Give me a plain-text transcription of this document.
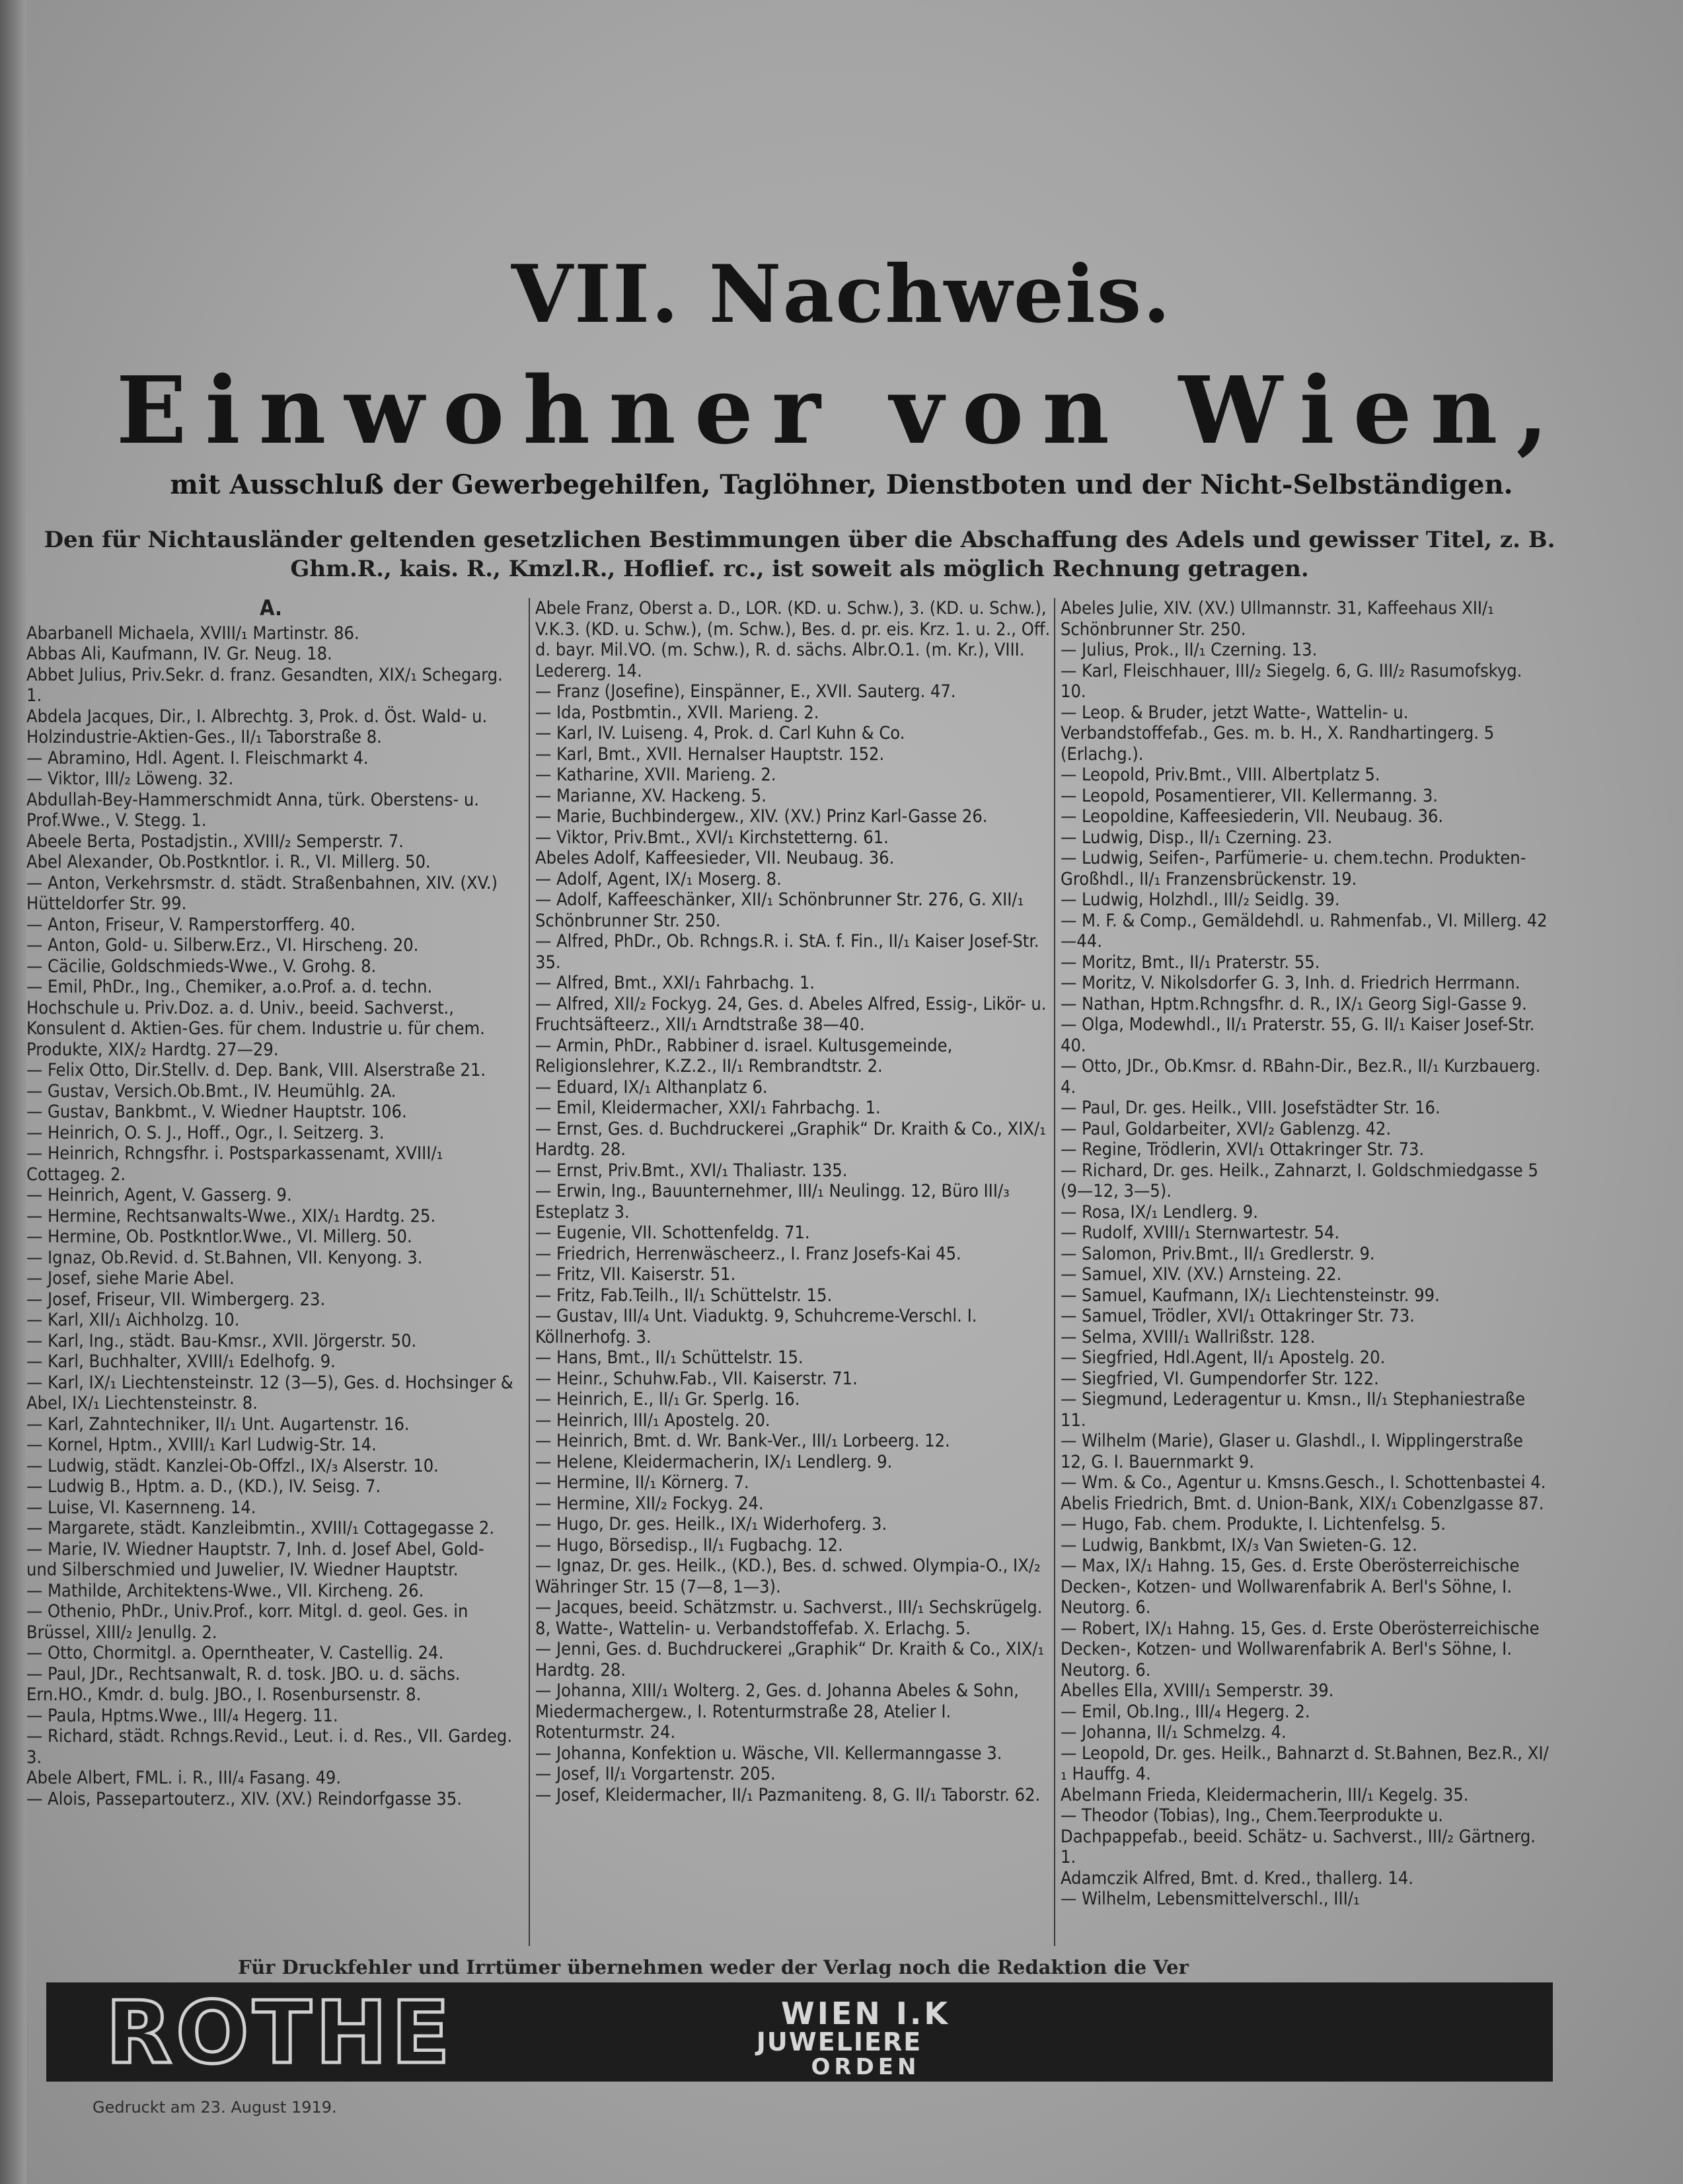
VII. Nachweis.
Einwohner von Wien,
mit Ausschluß der Gewerbegehilfen, Taglöhner, Dienstboten und der Nicht-Selbständigen.
Den für Nichtausländer geltenden gesetzlichen Bestimmungen über die Abschaffung des Adels und gewisser Titel, z. B. Ghm.R., kais. R., Kmzl.R., Hoflief. rc., ist soweit als möglich Rechnung getragen.
A.
Abarbanell Michaela, XVIII/₁ Martinstr. 86.
Abbas Ali, Kaufmann, IV. Gr. Neug. 18.
Abbet Julius, Priv.Sekr. d. franz. Gesandten, XIX/₁ Schegarg. 1.
Abdela Jacques, Dir., I. Albrechtg. 3, Prok. d. Öst. Wald- u. Holzindustrie-Aktien-Ges., II/₁ Taborstraße 8.
— Abramino, Hdl. Agent. I. Fleischmarkt 4.
— Viktor, III/₂ Löweng. 32.
Abdullah-Bey-Hammerschmidt Anna, türk. Oberstens- u. Prof.Wwe., V. Stegg. 1.
Abeele Berta, Postadjstin., XVIII/₂ Semperstr. 7.
Abel Alexander, Ob.Postkntlor. i. R., VI. Millerg. 50.
— Anton, Verkehrsmstr. d. städt. Straßenbahnen, XIV. (XV.) Hütteldorfer Str. 99.
— Anton, Friseur, V. Ramperstorfferg. 40.
— Anton, Gold- u. Silberw.Erz., VI. Hirscheng. 20.
— Cäcilie, Goldschmieds-Wwe., V. Grohg. 8.
— Emil, PhDr., Ing., Chemiker, a.o.Prof. a. d. techn. Hochschule u. Priv.Doz. a. d. Univ., beeid. Sachverst., Konsulent d. Aktien-Ges. für chem. Industrie u. für chem. Produkte, XIX/₂ Hardtg. 27—29.
— Felix Otto, Dir.Stellv. d. Dep. Bank, VIII. Alserstraße 21.
— Gustav, Versich.Ob.Bmt., IV. Heumühlg. 2A.
— Gustav, Bankbmt., V. Wiedner Hauptstr. 106.
— Heinrich, O. S. J., Hoff., Ogr., I. Seitzerg. 3.
— Heinrich, Rchngsfhr. i. Postsparkassenamt, XVIII/₁ Cottageg. 2.
— Heinrich, Agent, V. Gasserg. 9.
— Hermine, Rechtsanwalts-Wwe., XIX/₁ Hardtg. 25.
— Hermine, Ob. Postkntlor.Wwe., VI. Millerg. 50.
— Ignaz, Ob.Revid. d. St.Bahnen, VII. Kenyong. 3.
— Josef, siehe Marie Abel.
— Josef, Friseur, VII. Wimbergerg. 23.
— Karl, XII/₁ Aichholzg. 10.
— Karl, Ing., städt. Bau-Kmsr., XVII. Jörgerstr. 50.
— Karl, Buchhalter, XVIII/₁ Edelhofg. 9.
— Karl, IX/₁ Liechtensteinstr. 12 (3—5), Ges. d. Hochsinger & Abel, IX/₁ Liechtensteinstr. 8.
— Karl, Zahntechniker, II/₁ Unt. Augartenstr. 16.
— Kornel, Hptm., XVIII/₁ Karl Ludwig-Str. 14.
— Ludwig, städt. Kanzlei-Ob-Offzl., IX/₃ Alserstr. 10.
— Ludwig B., Hptm. a. D., (KD.), IV. Seisg. 7.
— Luise, VI. Kasernneng. 14.
— Margarete, städt. Kanzleibmtin., XVIII/₁ Cottagegasse 2.
— Marie, IV. Wiedner Hauptstr. 7, Inh. d. Josef Abel, Gold- und Silberschmied und Juwelier, IV. Wiedner Hauptstr.
— Mathilde, Architektens-Wwe., VII. Kircheng. 26.
— Othenio, PhDr., Univ.Prof., korr. Mitgl. d. geol. Ges. in Brüssel, XIII/₂ Jenullg. 2.
— Otto, Chormitgl. a. Operntheater, V. Castellig. 24.
— Paul, JDr., Rechtsanwalt, R. d. tosk. JBO. u. d. sächs. Ern.HO., Kmdr. d. bulg. JBO., I. Rosenbursenstr. 8.
— Paula, Hptms.Wwe., III/₄ Hegerg. 11.
— Richard, städt. Rchngs.Revid., Leut. i. d. Res., VII. Gardeg. 3.
Abele Albert, FML. i. R., III/₄ Fasang. 49.
— Alois, Passepartouterz., XIV. (XV.) Reindorfgasse 35.
Abele Franz, Oberst a. D., LOR. (KD. u. Schw.), 3. (KD. u. Schw.), V.K.3. (KD. u. Schw.), (m. Schw.), Bes. d. pr. eis. Krz. 1. u. 2., Off. d. bayr. Mil.VO. (m. Schw.), R. d. sächs. Albr.O.1. (m. Kr.), VIII. Ledererg. 14.
— Franz (Josefine), Einspänner, E., XVII. Sauterg. 47.
— Ida, Postbmtin., XVII. Marieng. 2.
— Karl, IV. Luiseng. 4, Prok. d. Carl Kuhn & Co.
— Karl, Bmt., XVII. Hernalser Hauptstr. 152.
— Katharine, XVII. Marieng. 2.
— Marianne, XV. Hackeng. 5.
— Marie, Buchbindergew., XIV. (XV.) Prinz Karl-Gasse 26.
— Viktor, Priv.Bmt., XVI/₁ Kirchstetterng. 61.
Abeles Adolf, Kaffeesieder, VII. Neubaug. 36.
— Adolf, Agent, IX/₁ Moserg. 8.
— Adolf, Kaffeeschänker, XII/₁ Schönbrunner Str. 276, G. XII/₁ Schönbrunner Str. 250.
— Alfred, PhDr., Ob. Rchngs.R. i. StA. f. Fin., II/₁ Kaiser Josef-Str. 35.
— Alfred, Bmt., XXI/₁ Fahrbachg. 1.
— Alfred, XII/₂ Fockyg. 24, Ges. d. Abeles Alfred, Essig-, Likör- u. Fruchtsäfteerz., XII/₁ Arndtstraße 38—40.
— Armin, PhDr., Rabbiner d. israel. Kultusgemeinde, Religionslehrer, K.Z.2., II/₁ Rembrandtstr. 2.
— Eduard, IX/₁ Althanplatz 6.
— Emil, Kleidermacher, XXI/₁ Fahrbachg. 1.
— Ernst, Ges. d. Buchdruckerei „Graphik“ Dr. Kraith & Co., XIX/₁ Hardtg. 28.
— Ernst, Priv.Bmt., XVI/₁ Thaliastr. 135.
— Erwin, Ing., Bauunternehmer, III/₁ Neulingg. 12, Büro III/₃ Esteplatz 3.
— Eugenie, VII. Schottenfeldg. 71.
— Friedrich, Herrenwäscheerz., I. Franz Josefs-Kai 45.
— Fritz, VII. Kaiserstr. 51.
— Fritz, Fab.Teilh., II/₁ Schüttelstr. 15.
— Gustav, III/₄ Unt. Viaduktg. 9, Schuhcreme-Verschl. I. Köllnerhofg. 3.
— Hans, Bmt., II/₁ Schüttelstr. 15.
— Heinr., Schuhw.Fab., VII. Kaiserstr. 71.
— Heinrich, E., II/₁ Gr. Sperlg. 16.
— Heinrich, III/₁ Apostelg. 20.
— Heinrich, Bmt. d. Wr. Bank-Ver., III/₁ Lorbeerg. 12.
— Helene, Kleidermacherin, IX/₁ Lendlerg. 9.
— Hermine, II/₁ Körnerg. 7.
— Hermine, XII/₂ Fockyg. 24.
— Hugo, Dr. ges. Heilk., IX/₁ Widerhoferg. 3.
— Hugo, Börsedisp., II/₁ Fugbachg. 12.
— Ignaz, Dr. ges. Heilk., (KD.), Bes. d. schwed. Olympia-O., IX/₂ Währinger Str. 15 (7—8, 1—3).
— Jacques, beeid. Schätzmstr. u. Sachverst., III/₁ Sechskrügelg. 8, Watte-, Wattelin- u. Verbandstoffefab. X. Erlachg. 5.
— Jenni, Ges. d. Buchdruckerei „Graphik“ Dr. Kraith & Co., XIX/₁ Hardtg. 28.
— Johanna, XIII/₁ Wolterg. 2, Ges. d. Johanna Abeles & Sohn, Miedermachergew., I. Rotenturmstraße 28, Atelier I. Rotenturmstr. 24.
— Johanna, Konfektion u. Wäsche, VII. Kellermanngasse 3.
— Josef, II/₁ Vorgartenstr. 205.
— Josef, Kleidermacher, II/₁ Pazmaniteng. 8, G. II/₁ Taborstr. 62.
Abeles Julie, XIV. (XV.) Ullmannstr. 31, Kaffeehaus XII/₁ Schönbrunner Str. 250.
— Julius, Prok., II/₁ Czerning. 13.
— Karl, Fleischhauer, III/₂ Siegelg. 6, G. III/₂ Rasumofskyg. 10.
— Leop. & Bruder, jetzt Watte-, Wattelin- u. Verbandstoffefab., Ges. m. b. H., X. Randhartingerg. 5 (Erlachg.).
— Leopold, Priv.Bmt., VIII. Albertplatz 5.
— Leopold, Posamentierer, VII. Kellermanng. 3.
— Leopoldine, Kaffeesiederin, VII. Neubaug. 36.
— Ludwig, Disp., II/₁ Czerning. 23.
— Ludwig, Seifen-, Parfümerie- u. chem.techn. Produkten-Großhdl., II/₁ Franzensbrückenstr. 19.
— Ludwig, Holzhdl., III/₂ Seidlg. 39.
— M. F. & Comp., Gemäldehdl. u. Rahmenfab., VI. Millerg. 42—44.
— Moritz, Bmt., II/₁ Praterstr. 55.
— Moritz, V. Nikolsdorfer G. 3, Inh. d. Friedrich Herrmann.
— Nathan, Hptm.Rchngsfhr. d. R., IX/₁ Georg Sigl-Gasse 9.
— Olga, Modewhdl., II/₁ Praterstr. 55, G. II/₁ Kaiser Josef-Str. 40.
— Otto, JDr., Ob.Kmsr. d. RBahn-Dir., Bez.R., II/₁ Kurzbauerg. 4.
— Paul, Dr. ges. Heilk., VIII. Josefstädter Str. 16.
— Paul, Goldarbeiter, XVI/₂ Gablenzg. 42.
— Regine, Trödlerin, XVI/₁ Ottakringer Str. 73.
— Richard, Dr. ges. Heilk., Zahnarzt, I. Goldschmiedgasse 5 (9—12, 3—5).
— Rosa, IX/₁ Lendlerg. 9.
— Rudolf, XVIII/₁ Sternwartestr. 54.
— Salomon, Priv.Bmt., II/₁ Gredlerstr. 9.
— Samuel, XIV. (XV.) Arnsteing. 22.
— Samuel, Kaufmann, IX/₁ Liechtensteinstr. 99.
— Samuel, Trödler, XVI/₁ Ottakringer Str. 73.
— Selma, XVIII/₁ Wallrißstr. 128.
— Siegfried, Hdl.Agent, II/₁ Apostelg. 20.
— Siegfried, VI. Gumpendorfer Str. 122.
— Siegmund, Lederagentur u. Kmsn., II/₁ Stephaniestraße 11.
— Wilhelm (Marie), Glaser u. Glashdl., I. Wipplingerstraße 12, G. I. Bauernmarkt 9.
— Wm. & Co., Agentur u. Kmsns.Gesch., I. Schottenbastei 4.
Abelis Friedrich, Bmt. d. Union-Bank, XIX/₁ Cobenzlgasse 87.
— Hugo, Fab. chem. Produkte, I. Lichtenfelsg. 5.
— Ludwig, Bankbmt, IX/₃ Van Swieten-G. 12.
— Max, IX/₁ Hahng. 15, Ges. d. Erste Oberösterreichische Decken-, Kotzen- und Wollwarenfabrik A. Berl's Söhne, I. Neutorg. 6.
— Robert, IX/₁ Hahng. 15, Ges. d. Erste Oberösterreichische Decken-, Kotzen- und Wollwarenfabrik A. Berl's Söhne, I. Neutorg. 6.
Abelles Ella, XVIII/₁ Semperstr. 39.
— Emil, Ob.Ing., III/₄ Hegerg. 2.
— Johanna, II/₁ Schmelzg. 4.
— Leopold, Dr. ges. Heilk., Bahnarzt d. St.Bahnen, Bez.R., XI/₁ Hauffg. 4.
Abelmann Frieda, Kleidermacherin, III/₁ Kegelg. 35.
— Theodor (Tobias), Ing., Chem.Teerprodukte u. Dachpappefab., beeid. Schätz- u. Sachverst., III/₂ Gärtnerg. 1.
Adamczik Alfred, Bmt. d. Kred., thallerg. 14.
— Wilhelm, Lebensmittelverschl., III/₁
Für Druckfehler und Irrtümer übernehmen weder der Verlag noch die Redaktion die Ver
ROTHE	WIEN I.K
JUWELIERE
ORDEN
Gedruckt am 23. August 1919.
